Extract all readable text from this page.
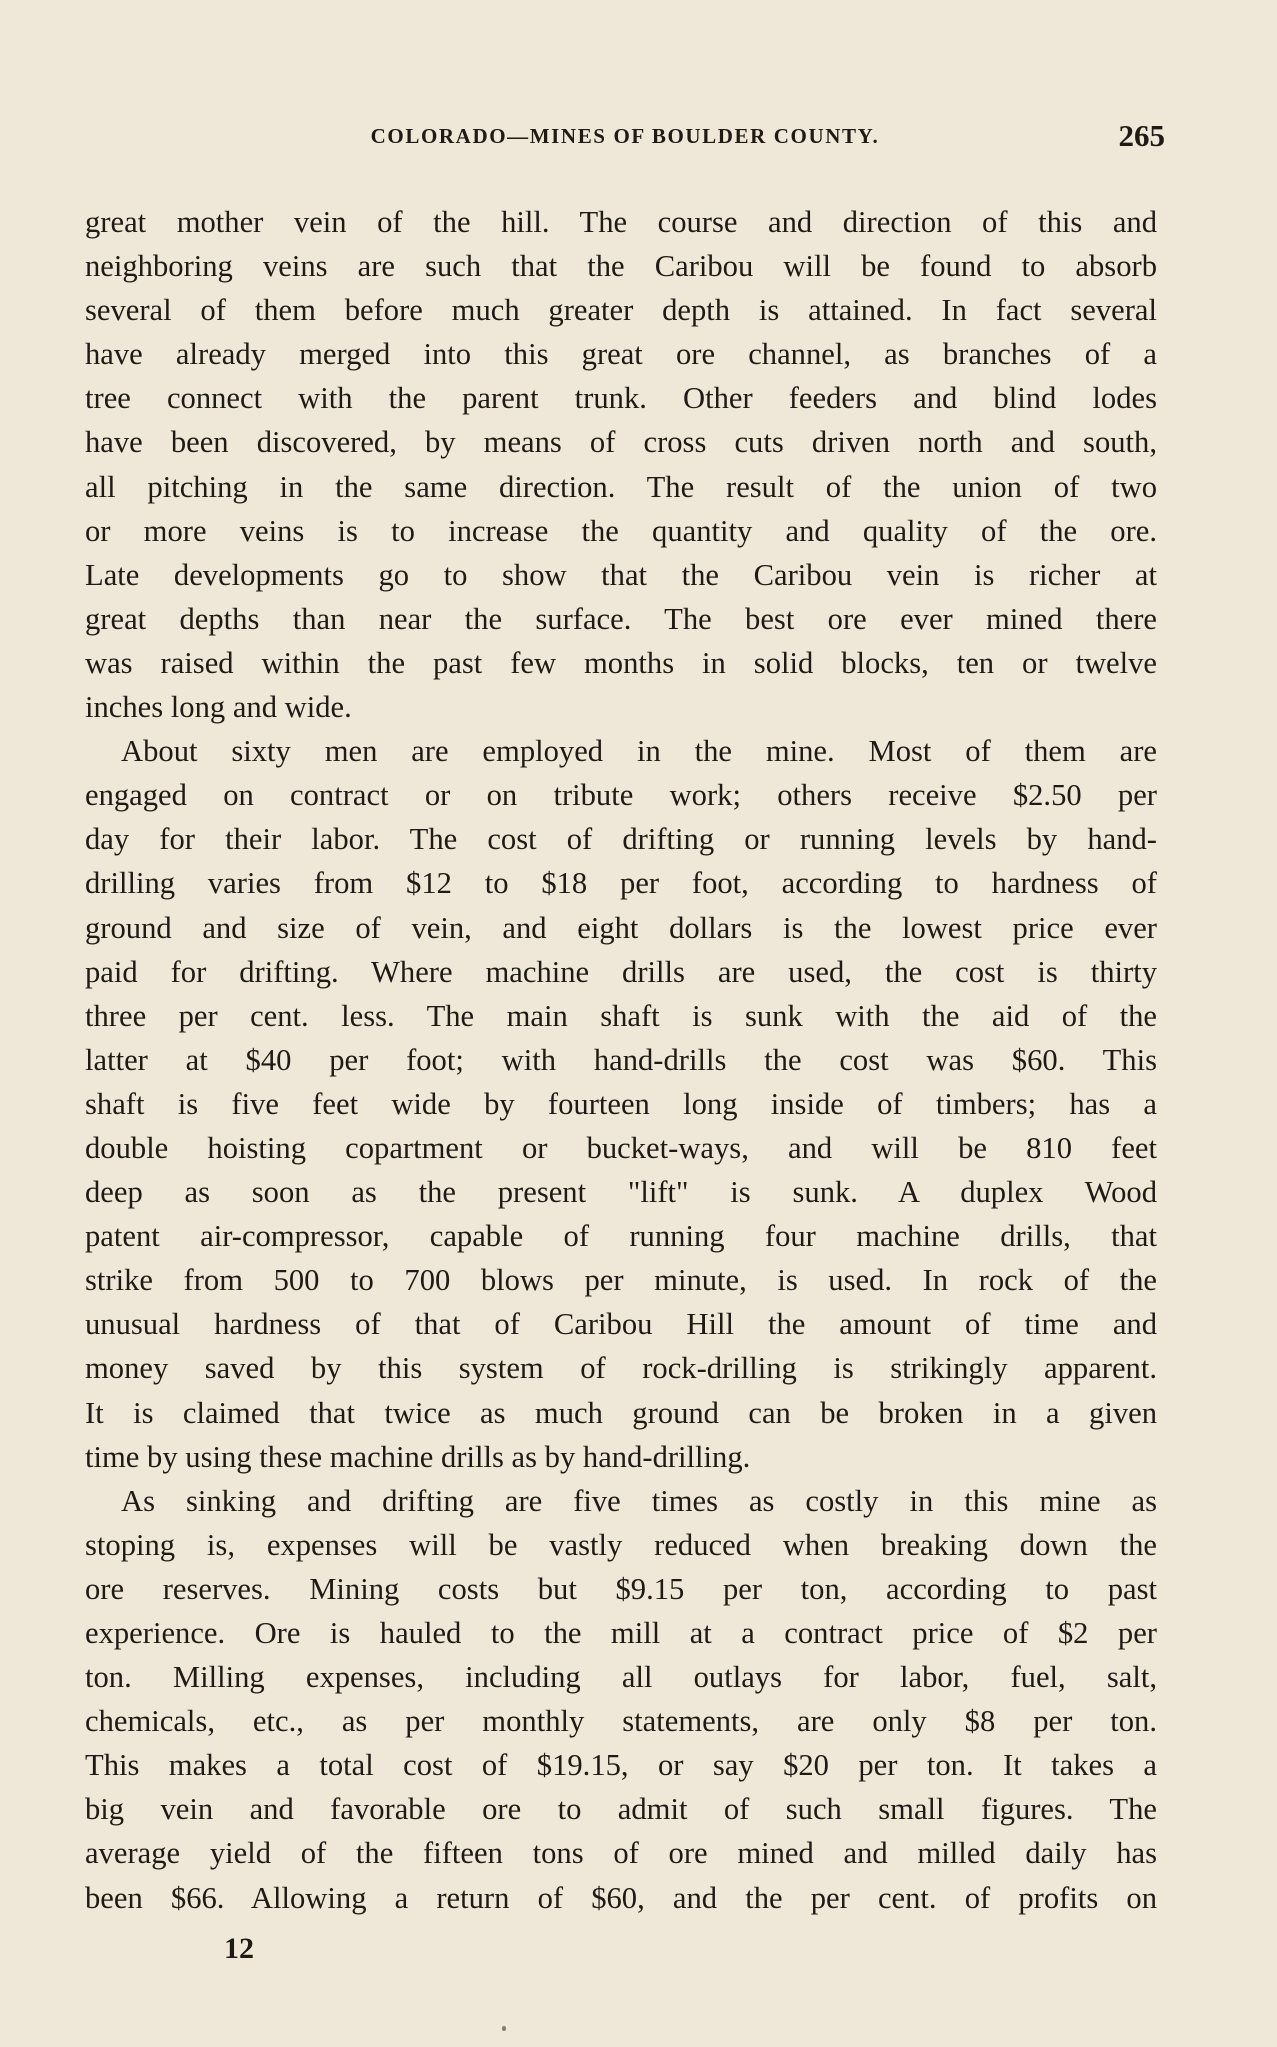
COLORADO—MINES OF BOULDER COUNTY.	265
great mother vein of the hill. The course and direction of this and
neighboring veins are such that the Caribou will be found to absorb
several of them before much greater depth is attained. In fact several
have already merged into this great ore channel, as branches of a
tree connect with the parent trunk. Other feeders and blind lodes
have been discovered, by means of cross cuts driven north and south,
all pitching in the same direction. The result of the union of two
or more veins is to increase the quantity and quality of the ore.
Late developments go to show that the Caribou vein is richer at
great depths than near the surface. The best ore ever mined there
was raised within the past few months in solid blocks, ten or twelve
inches long and wide.
About sixty men are employed in the mine. Most of them are
engaged on contract or on tribute work; others receive $2.50 per
day for their labor. The cost of drifting or running levels by hand-
drilling varies from $12 to $18 per foot, according to hardness of
ground and size of vein, and eight dollars is the lowest price ever
paid for drifting. Where machine drills are used, the cost is thirty
three per cent. less. The main shaft is sunk with the aid of the
latter at $40 per foot; with hand-drills the cost was $60. This
shaft is five feet wide by fourteen long inside of timbers; has a
double hoisting copartment or bucket-ways, and will be 810 feet
deep as soon as the present "lift" is sunk. A duplex Wood
patent air-compressor, capable of running four machine drills, that
strike from 500 to 700 blows per minute, is used. In rock of the
unusual hardness of that of Caribou Hill the amount of time and
money saved by this system of rock-drilling is strikingly apparent.
It is claimed that twice as much ground can be broken in a given
time by using these machine drills as by hand-drilling.
As sinking and drifting are five times as costly in this mine as
stoping is, expenses will be vastly reduced when breaking down the
ore reserves. Mining costs but $9.15 per ton, according to past
experience. Ore is hauled to the mill at a contract price of $2 per
ton. Milling expenses, including all outlays for labor, fuel, salt,
chemicals, etc., as per monthly statements, are only $8 per ton.
This makes a total cost of $19.15, or say $20 per ton. It takes a
big vein and favorable ore to admit of such small figures. The
average yield of the fifteen tons of ore mined and milled daily has
been $66. Allowing a return of $60, and the per cent. of profits on
12
